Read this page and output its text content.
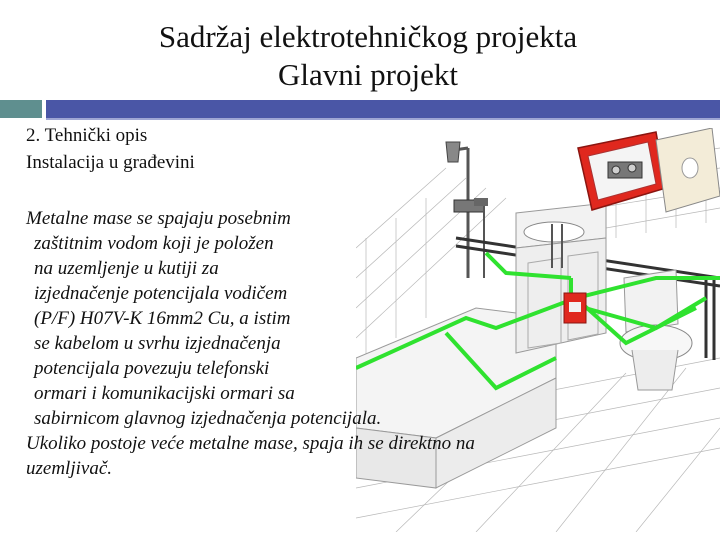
Sadržaj elektrotehničkog projekta
Glavni projekt
2. Tehnički opis
Instalacija u građevini
Metalne mase se spajaju posebnim
zaštitnim vodom koji je položen
na uzemljenje u kutiji za
izjednačenje potencijala vodičem
(P/F) H07V-K 16mm2 Cu, a istim
se kabelom u svrhu izjednačenja
potencijala povezuju telefonski
ormari i komunikacijski ormari sa
sabirnicom glavnog izjednačenja potencijala.
Ukoliko postoje veće metalne mase, spaja ih se direktno na
uzemljivač.
